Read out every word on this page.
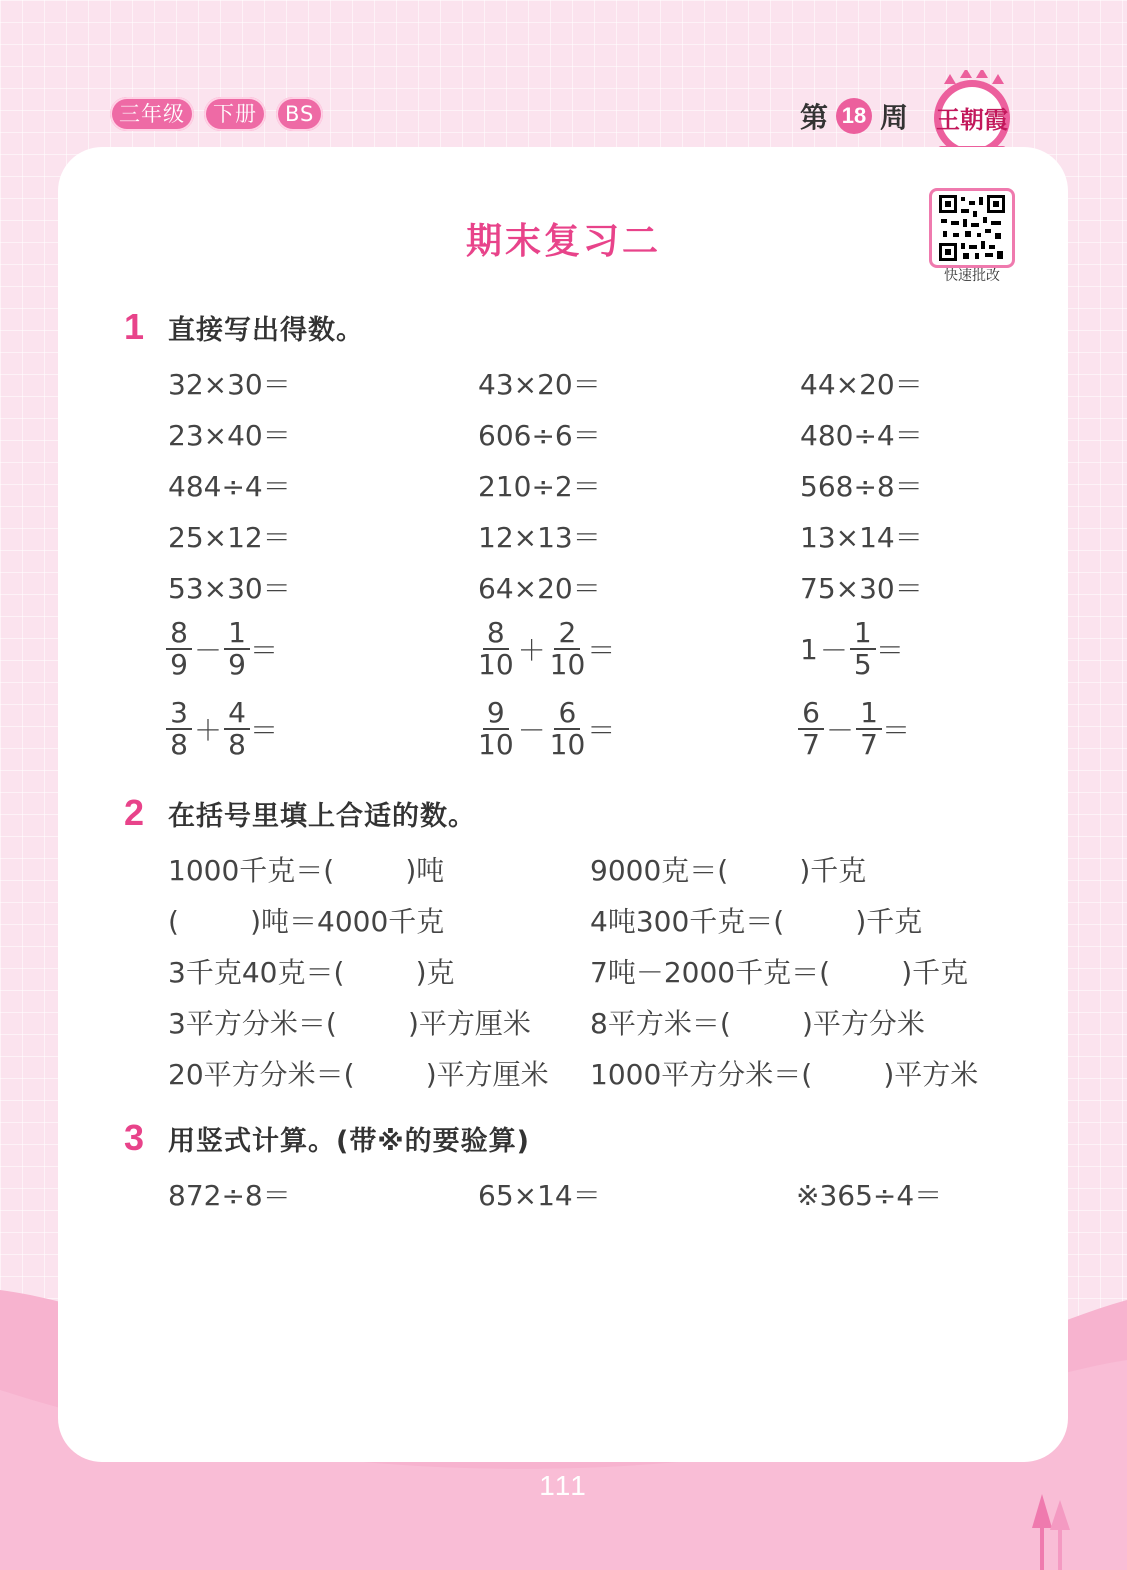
三年级	下册	BS	第 18 周 王朝霞
期末复习二
快速批改
1 直接写出得数。
32×30＝	43×20＝	44×20＝
23×40＝	606÷6＝	480÷4＝
484÷4＝	210÷2＝	568÷8＝
25×12＝	12×13＝	13×14＝
53×30＝	64×20＝	75×30＝
$\frac{8}{9} - \frac{1}{9}$ ＝	$\frac{8}{10} + \frac{2}{10}$ ＝	$1 - \frac{1}{5}$ ＝
$\frac{3}{8} + \frac{4}{8}$ ＝	$\frac{9}{10} - \frac{6}{10}$ ＝	$\frac{6}{7} - \frac{1}{7}$ ＝
2 在括号里填上合适的数。
1000千克＝(        )吨	9000克＝(        )千克
(        )吨＝4000千克	4吨300千克＝(        )千克
3千克40克＝(        )克	7吨－2000千克＝(        )千克
3平方分米＝(        )平方厘米 8平方米＝(        )平方分米
20平方分米＝(        )平方厘米 1000平方分米＝(        )平方米
3 用竖式计算。(带※的要验算)
872÷8＝	65×14＝	※365÷4＝
111
